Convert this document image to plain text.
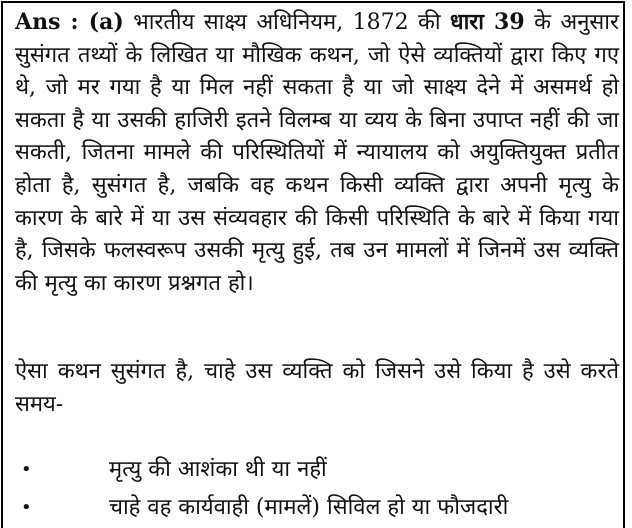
Ans : (a) भारतीय साक्ष्य अधिनियम, 1872 की धारा 39 के अनुसार सुसंगत तथ्यों के लिखित या मौखिक कथन, जो ऐसे व्यक्तियों द्वारा किए गए थे, जो मर गया है या मिल नहीं सकता है या जो साक्ष्य देने में असमर्थ हो सकता है या उसकी हाजिरी इतने विलम्ब या व्यय के बिना उपाप्त नहीं की जा सकती, जितना मामले की परिस्थितियों में न्यायालय को अयुक्तियुक्त प्रतीत होता है, सुसंगत है, जबकि वह कथन किसी व्यक्ति द्वारा अपनी मृत्यु के कारण के बारे में या उस संव्यवहार की किसी परिस्थिति के बारे में किया गया है, जिसके फलस्वरूप उसकी मृत्यु हुई, तब उन मामलों में जिनमें उस व्यक्ति की मृत्यु का कारण प्रश्नगत हो।

ऐसा कथन सुसंगत है, चाहे उस व्यक्ति को जिसने उसे किया है उसे करते समय-

•	मृत्यु की आशंका थी या नहीं
•	चाहे वह कार्यवाही (मामलें) सिविल हो या फौजदारी
